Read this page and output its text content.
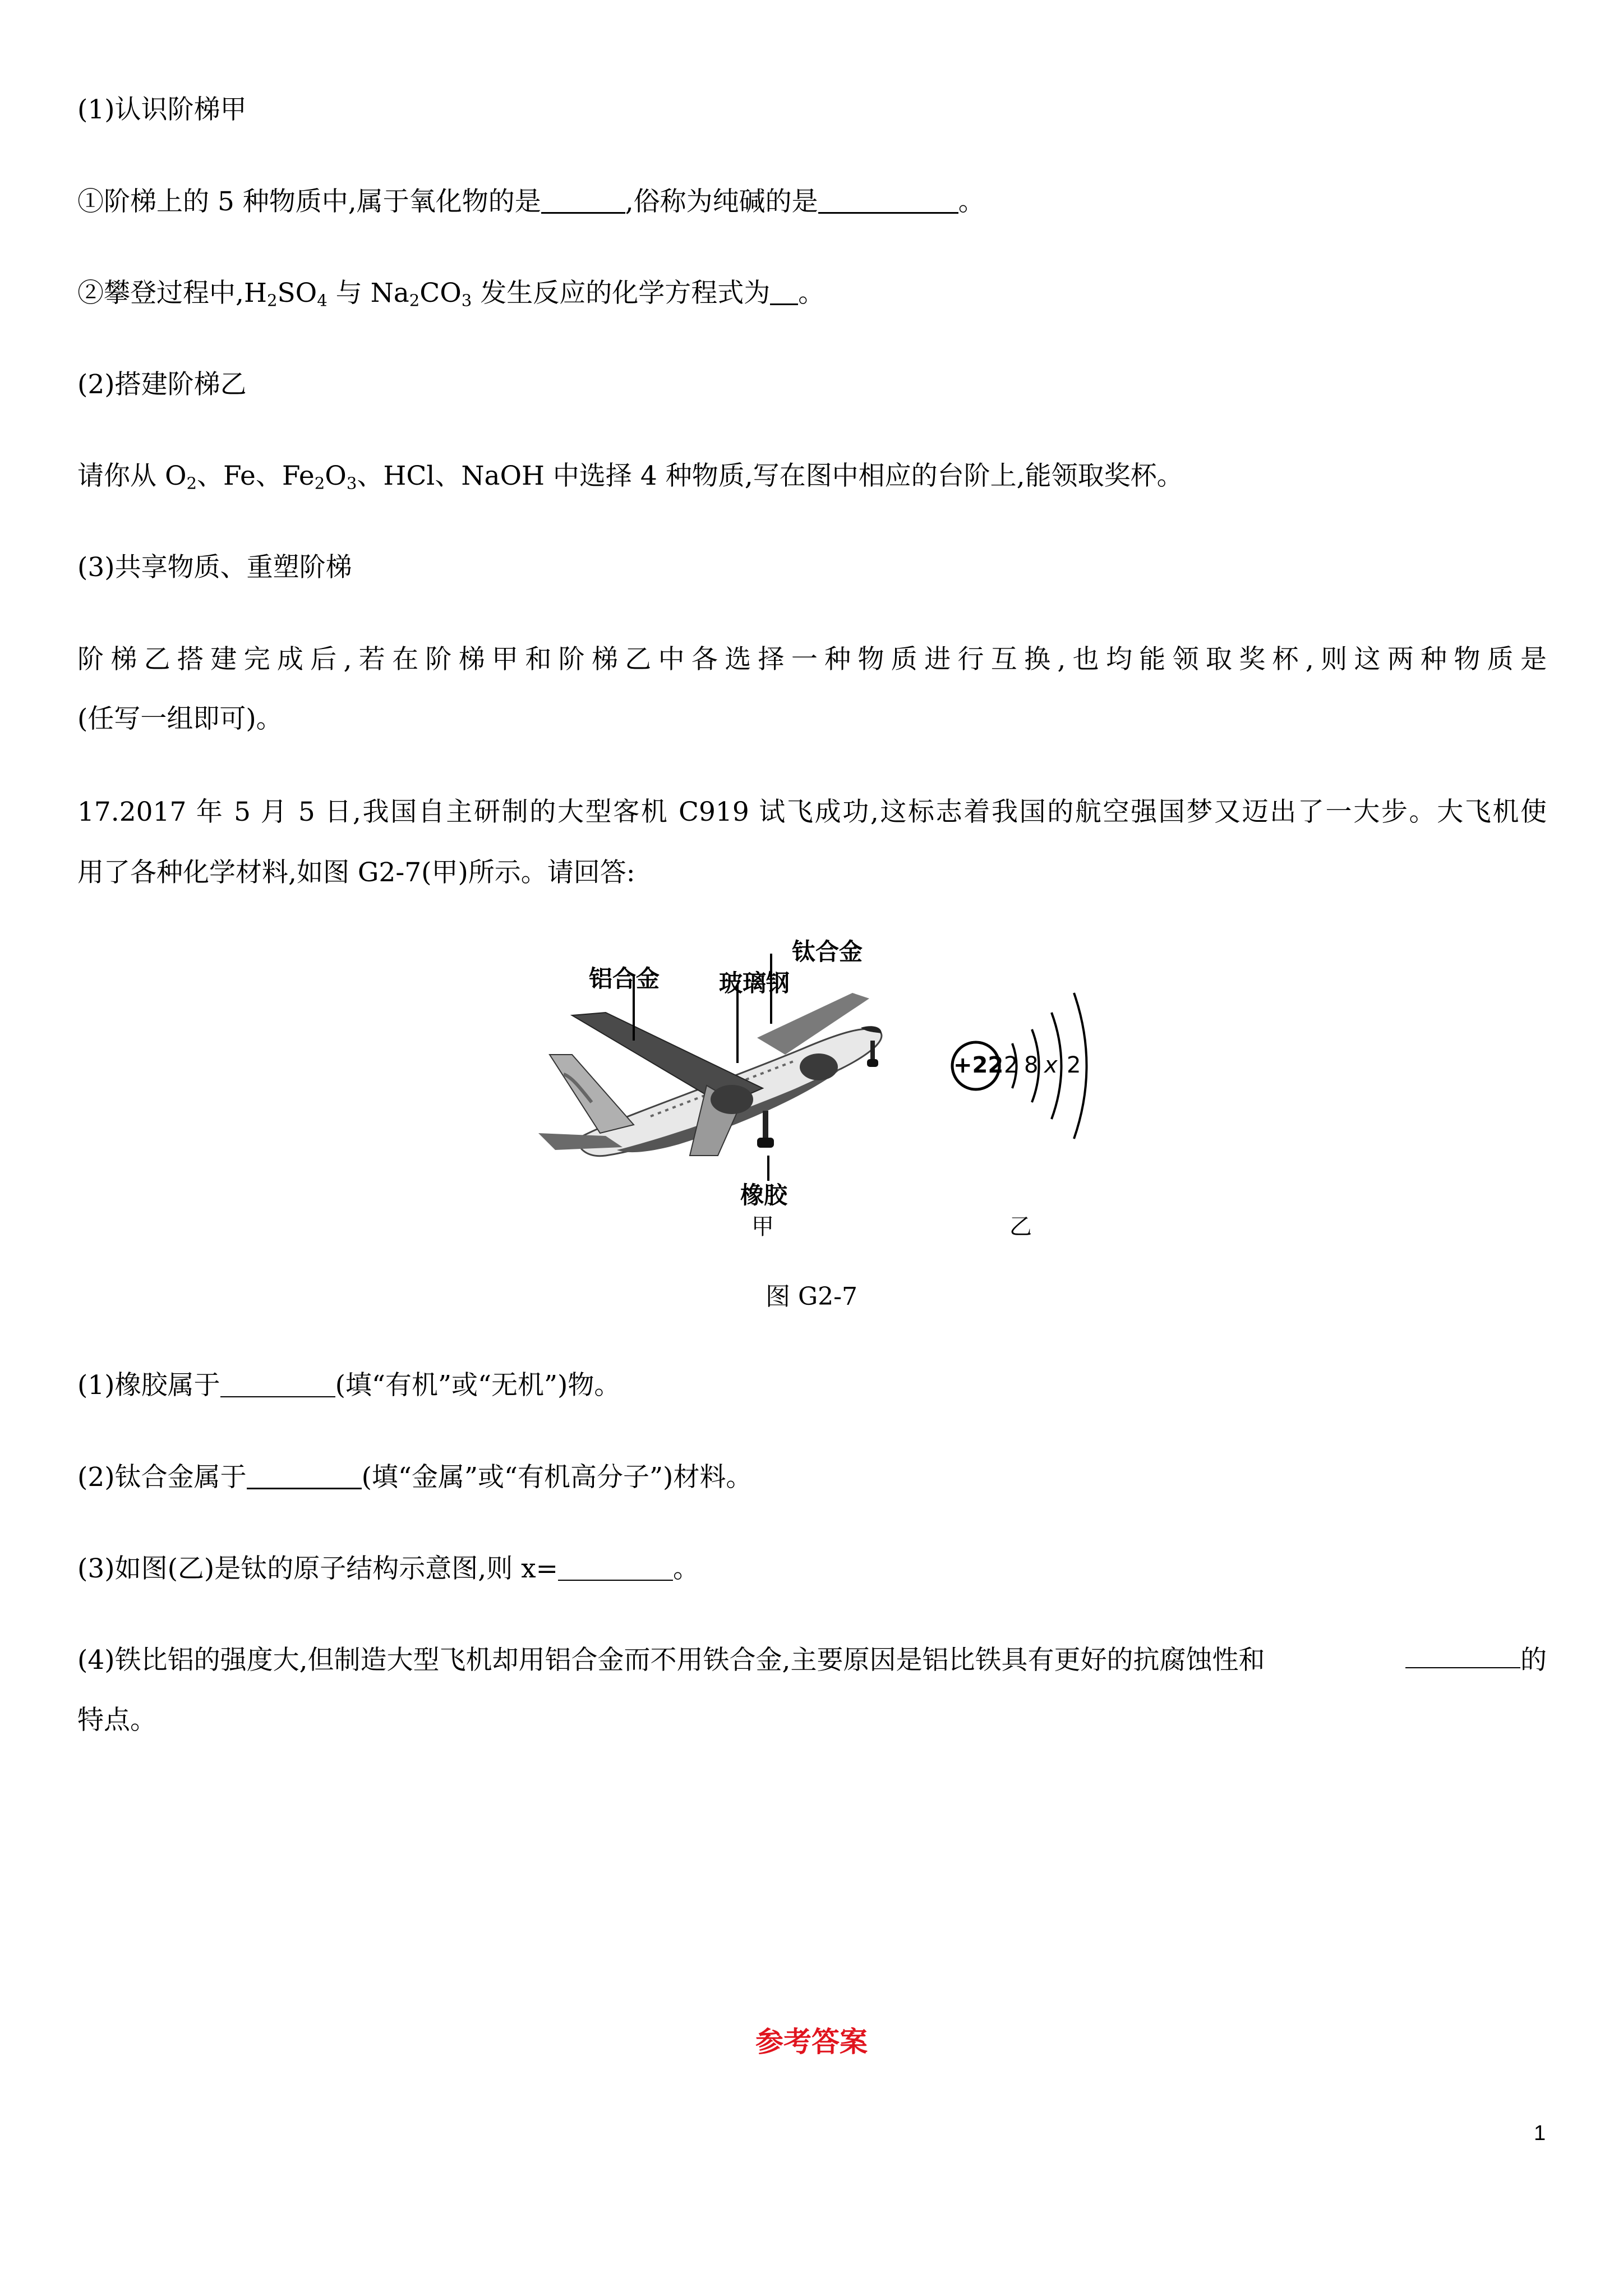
(1)认识阶梯甲
①阶梯上的 5 种物质中,属于氧化物的是	,俗称为纯碱的是	。
②攀登过程中$,H_2SO_4$ 与 $Na_2CO_3$ 发生反应的化学方程式为 。
(2)搭建阶梯乙
请你从 $O_2$、Fe、$Fe_2O_3$、HCl、NaOH 中选择 4 种物质,写在图中相应的台阶上,能领取奖杯。
(3)共享物质、重塑阶梯
阶梯乙搭建完成后,若在阶梯甲和阶梯乙中各选择一种物质进行互换,也均能领取奖杯,则这两种物质是
(任写一组即可)。
17.2017 年 5 月 5 日,我国自主研制的大型客机 C919 试飞成功,这标志着我国的航空强国梦又迈出了一大步。大飞机使
用了各种化学材料,如图 G2-7(甲)所示。请回答:
铝合金	玻璃钢
钛合金
橡胶
+22 2 8 x 2
甲	乙
图 G2-7
(1)橡胶属于	(填“有机”或“无机”)物。
(2)钛合金属于	(填“金属”或“有机高分子”)材料。
(3)如图(乙)是钛的原子结构示意图,则 x=	。
(4)铁比铝的强度大,但制造大型飞机却用铝合金而不用铁合金,主要原因是铝比铁具有更好的抗腐蚀性和	的
特点。
参考答案
1
